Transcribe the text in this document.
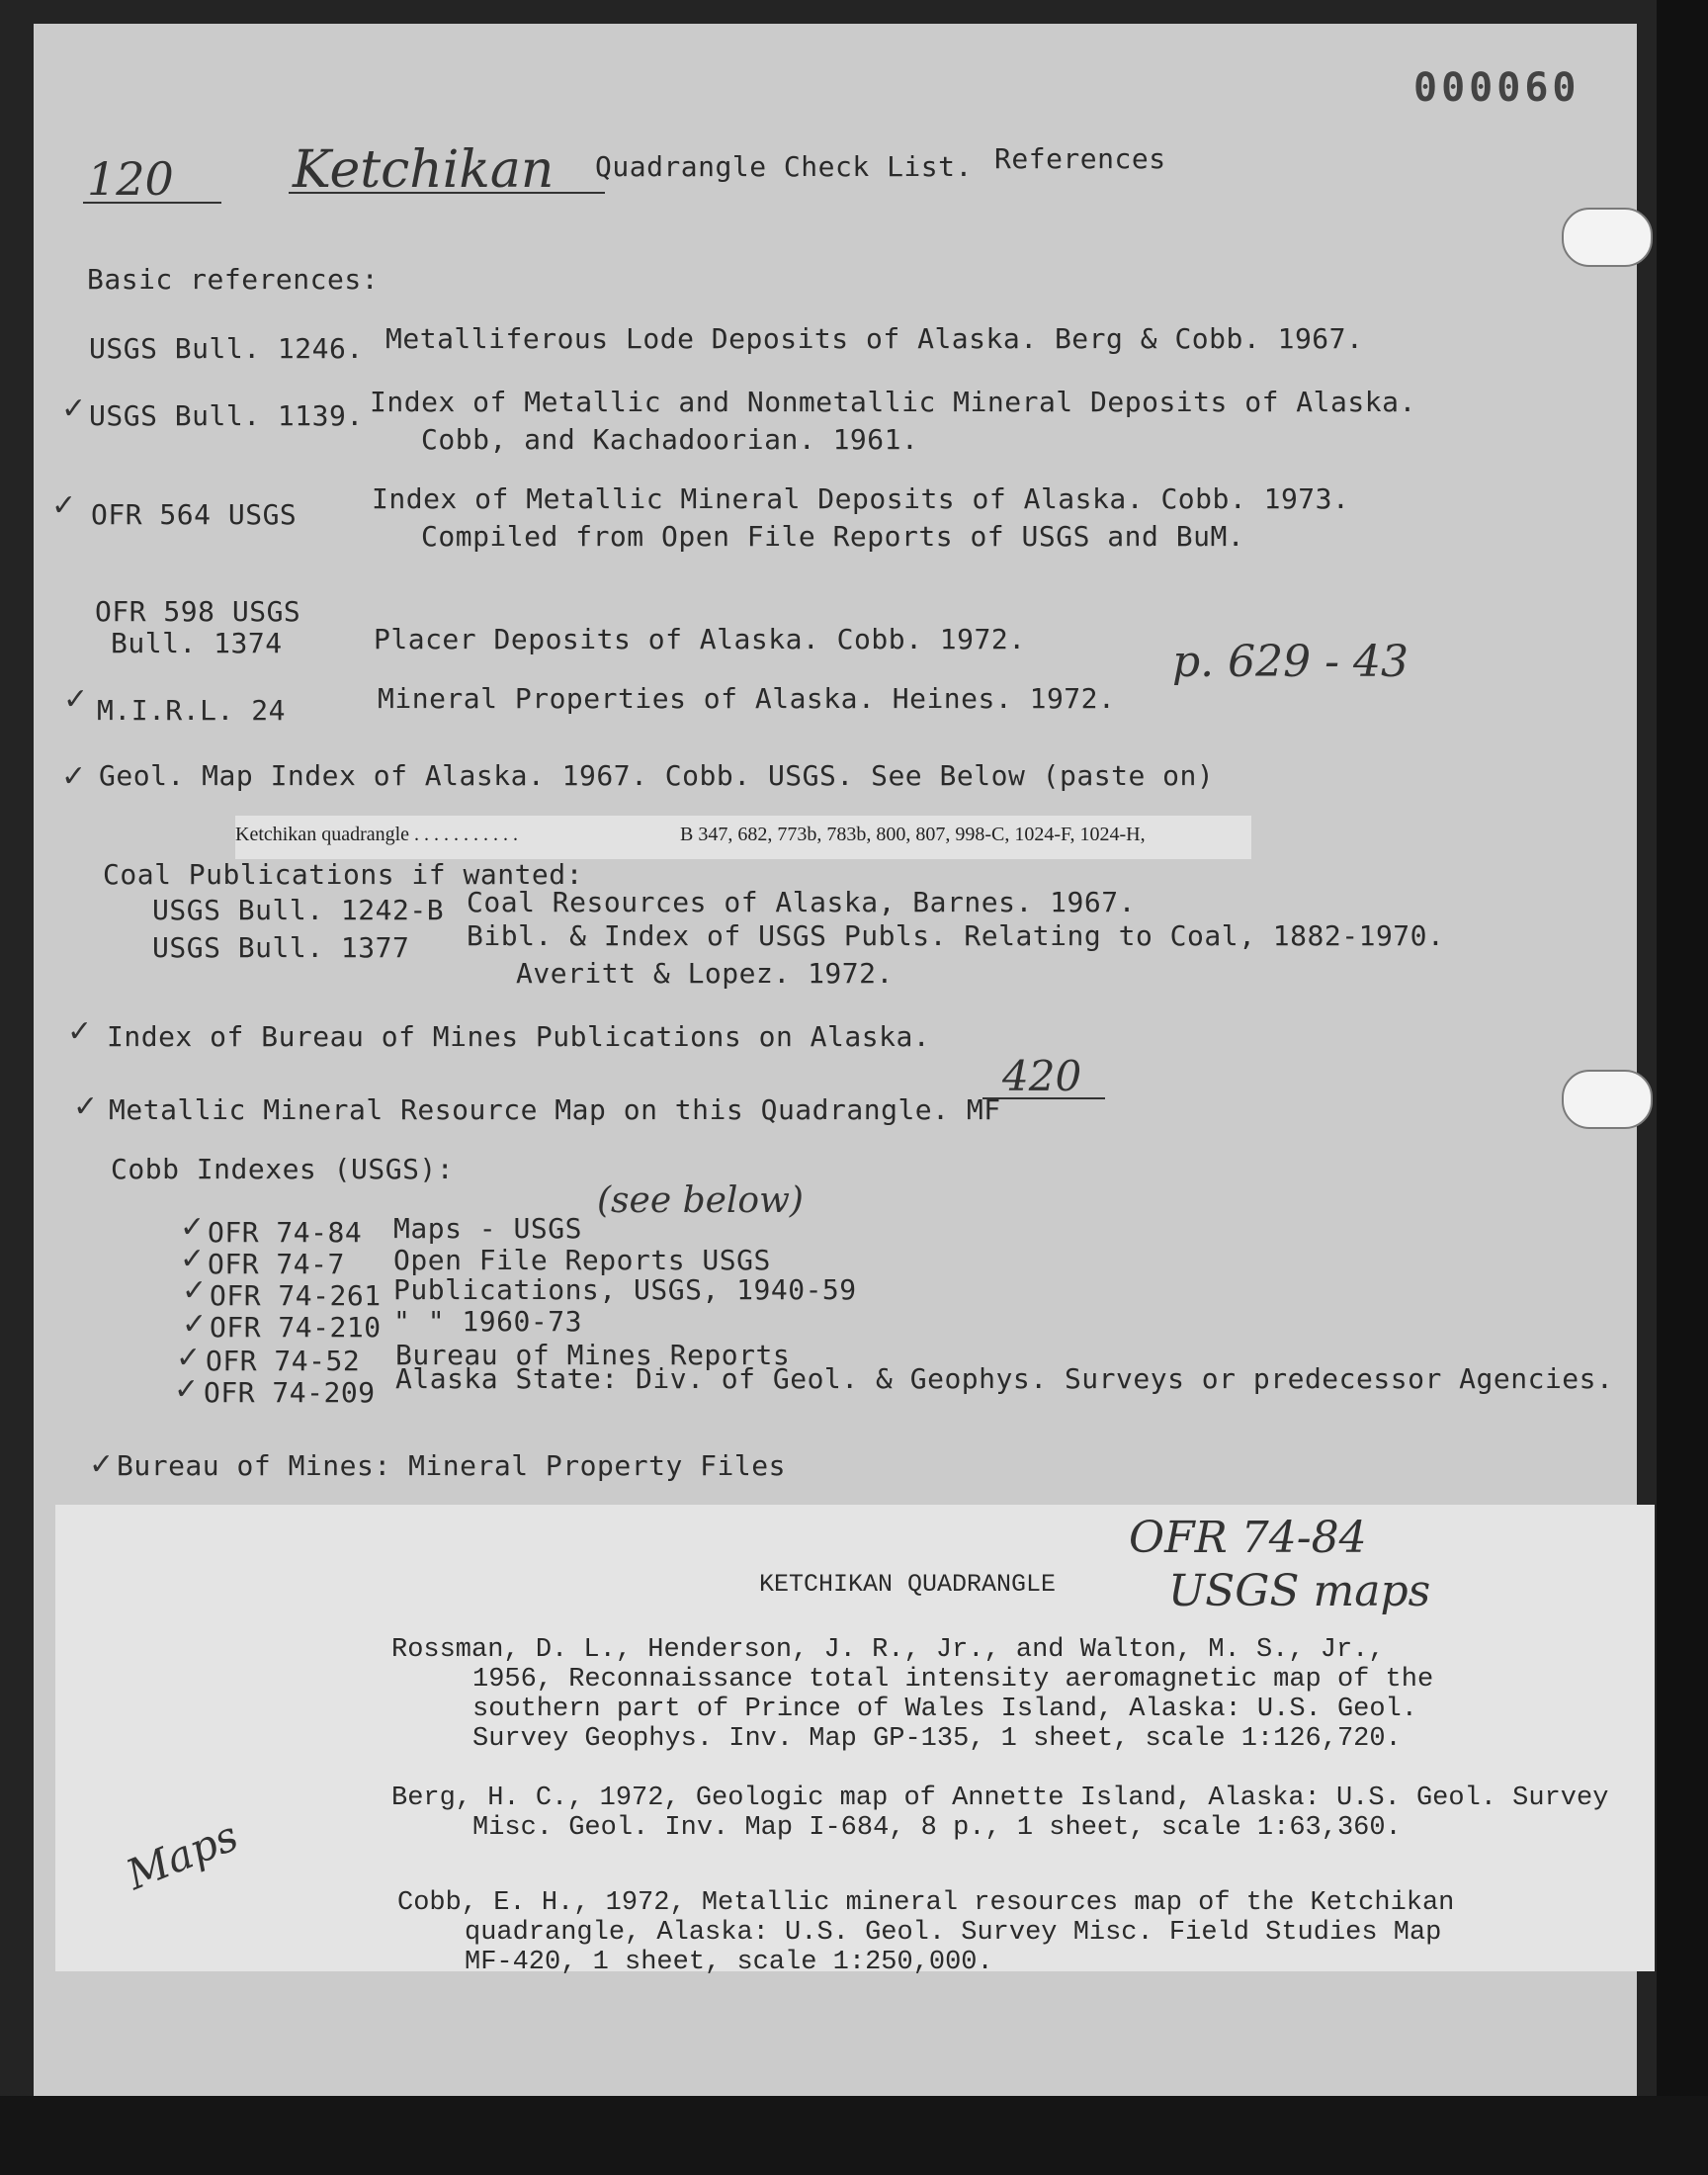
000060
120 Ketchikan Quadrangle Check List. References
Basic references:
USGS Bull. 1246. Metalliferous Lode Deposits of Alaska. Berg & Cobb. 1967.
✓ USGS Bull. 1139. Index of Metallic and Nonmetallic Mineral Deposits of Alaska.
Cobb, and Kachadoorian. 1961.
✓ OFR 564 USGS	Index of Metallic Mineral Deposits of Alaska. Cobb. 1973.
Compiled from Open File Reports of USGS and BuM.
OFR 598 USGS
Bull. 1374	Placer Deposits of Alaska. Cobb. 1972.
✓ M.I.R.L. 24	Mineral Properties of Alaska. Heines. 1972.
p. 629 - 43
✓ Geol. Map Index of Alaska. 1967. Cobb. USGS. See Below (paste on)
Ketchikan quadrangle . . . . . . . . . . .	B 347, 682, 773b, 783b, 800, 807, 998-C, 1024-F, 1024-H,
Coal Publications if wanted:
USGS Bull. 1242-B Coal Resources of Alaska, Barnes. 1967.
USGS Bull. 1377 Bibl. & Index of USGS Publs. Relating to Coal, 1882-1970.
Averitt & Lopez. 1972.
✓ Index of Bureau of Mines Publications on Alaska.
✓ Metallic Mineral Resource Map on this Quadrangle. MF
420
Cobb Indexes (USGS):
✓ OFR 74-84 Maps - USGS
(see below)
✓ OFR 74-7 Open File Reports USGS
✓ OFR 74-261 Publications, USGS, 1940-59
✓ OFR 74-210 " " 1960-73
✓ OFR 74-52 Bureau of Mines Reports
✓ OFR 74-209 Alaska State: Div. of Geol. & Geophys. Surveys or predecessor Agencies.
✓ Bureau of Mines: Mineral Property Files
KETCHIKAN QUADRANGLE
OFR 74-84
USGS maps
Rossman, D. L., Henderson, J. R., Jr., and Walton, M. S., Jr.,
1956, Reconnaissance total intensity aeromagnetic map of the
southern part of Prince of Wales Island, Alaska: U.S. Geol.
Survey Geophys. Inv. Map GP-135, 1 sheet, scale 1:126,720.
Berg, H. C., 1972, Geologic map of Annette Island, Alaska: U.S. Geol. Survey
Misc. Geol. Inv. Map I-684, 8 p., 1 sheet, scale 1:63,360.
Cobb, E. H., 1972, Metallic mineral resources map of the Ketchikan
quadrangle, Alaska: U.S. Geol. Survey Misc. Field Studies Map
MF-420, 1 sheet, scale 1:250,000.
Maps
